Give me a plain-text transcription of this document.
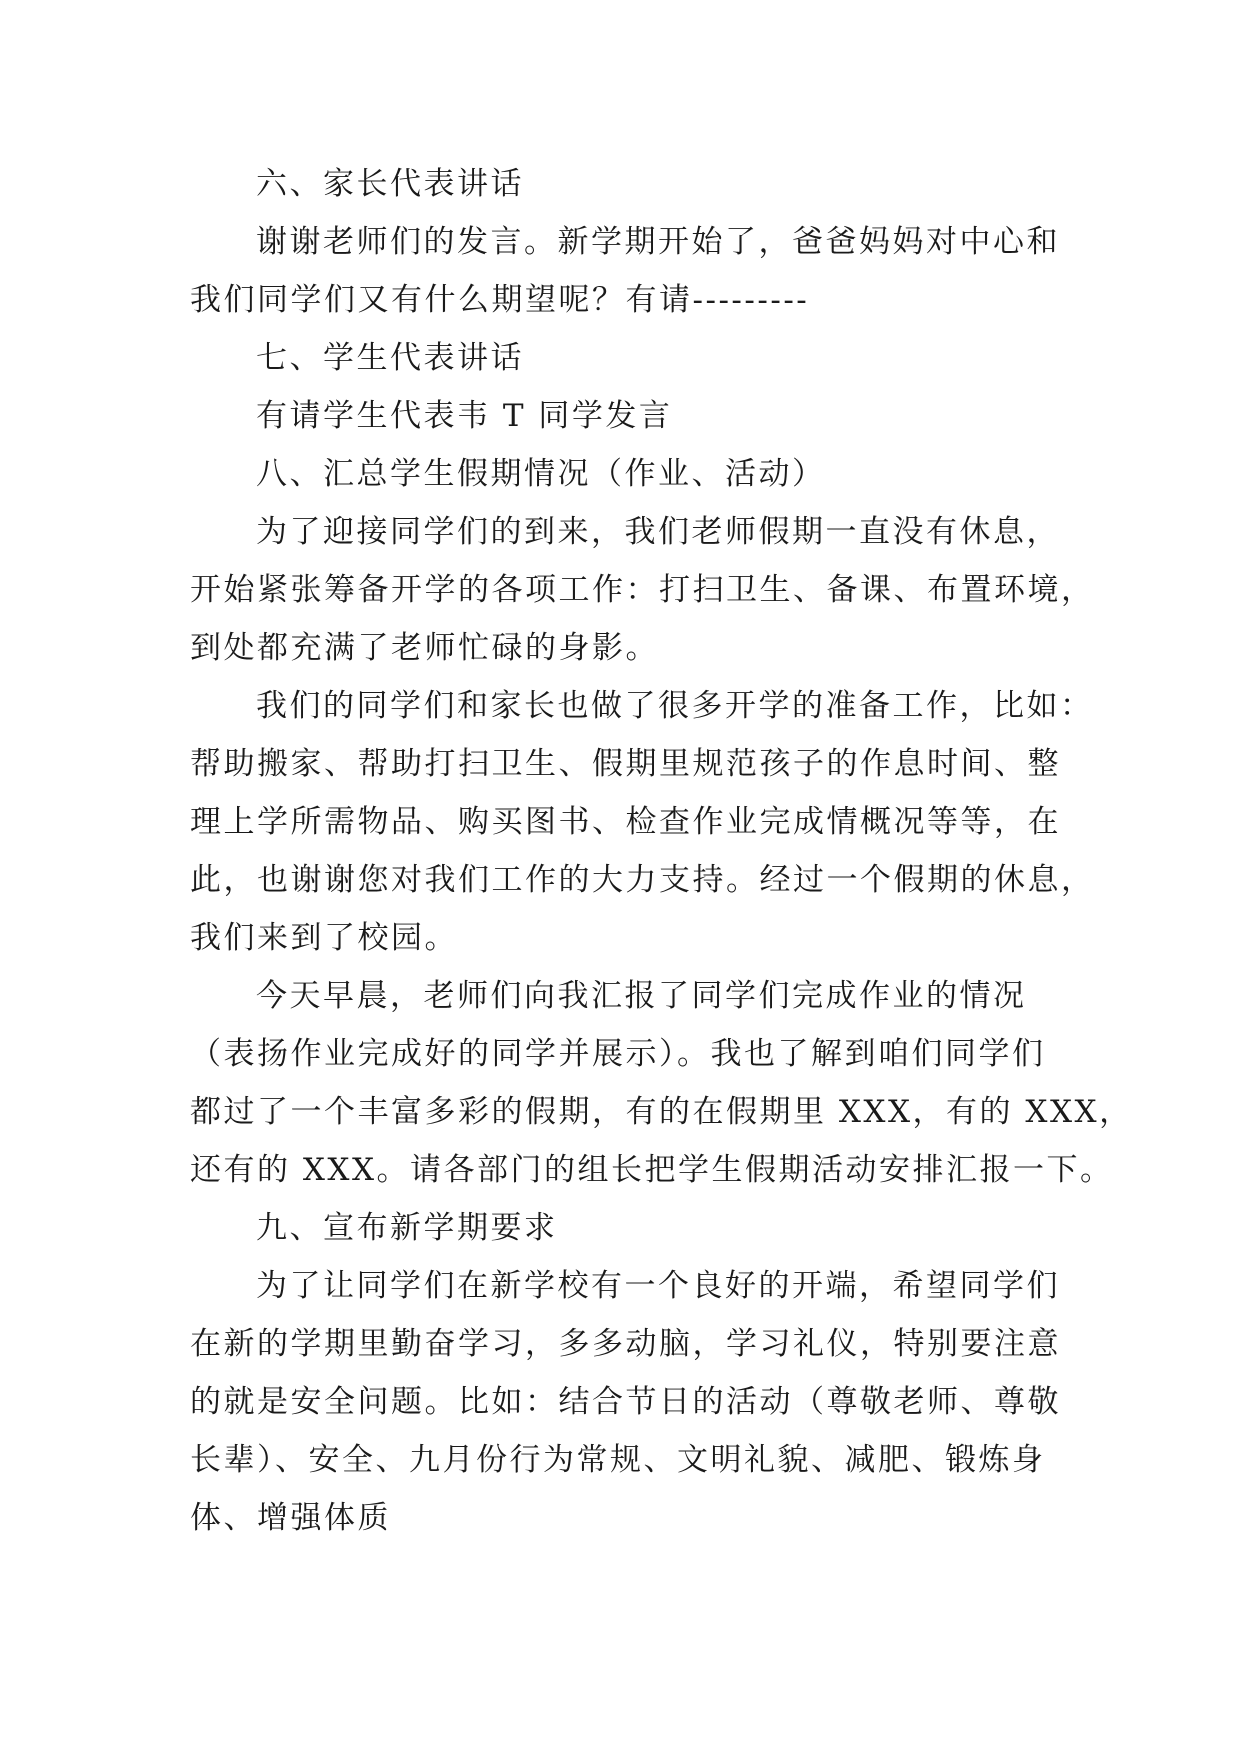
六、家长代表讲话
谢谢老师们的发言。新学期开始了，爸爸妈妈对中心和
我们同学们又有什么期望呢？有请---------
七、学生代表讲话
有请学生代表韦 T 同学发言
八、汇总学生假期情况（作业、活动）
为了迎接同学们的到来，我们老师假期一直没有休息，
开始紧张筹备开学的各项工作：打扫卫生、备课、布置环境，
到处都充满了老师忙碌的身影。
我们的同学们和家长也做了很多开学的准备工作，比如：
帮助搬家、帮助打扫卫生、假期里规范孩子的作息时间、整
理上学所需物品、购买图书、检查作业完成情概况等等，在
此，也谢谢您对我们工作的大力支持。经过一个假期的休息，
我们来到了校园。
今天早晨，老师们向我汇报了同学们完成作业的情况
（表扬作业完成好的同学并展示）。我也了解到咱们同学们
都过了一个丰富多彩的假期，有的在假期里 XXX，有的 XXX，
还有的 XXX。请各部门的组长把学生假期活动安排汇报一下。
九、宣布新学期要求
为了让同学们在新学校有一个良好的开端，希望同学们
在新的学期里勤奋学习，多多动脑，学习礼仪，特别要注意
的就是安全问题。比如：结合节日的活动（尊敬老师、尊敬
长辈）、安全、九月份行为常规、文明礼貌、减肥、锻炼身
体、增强体质
